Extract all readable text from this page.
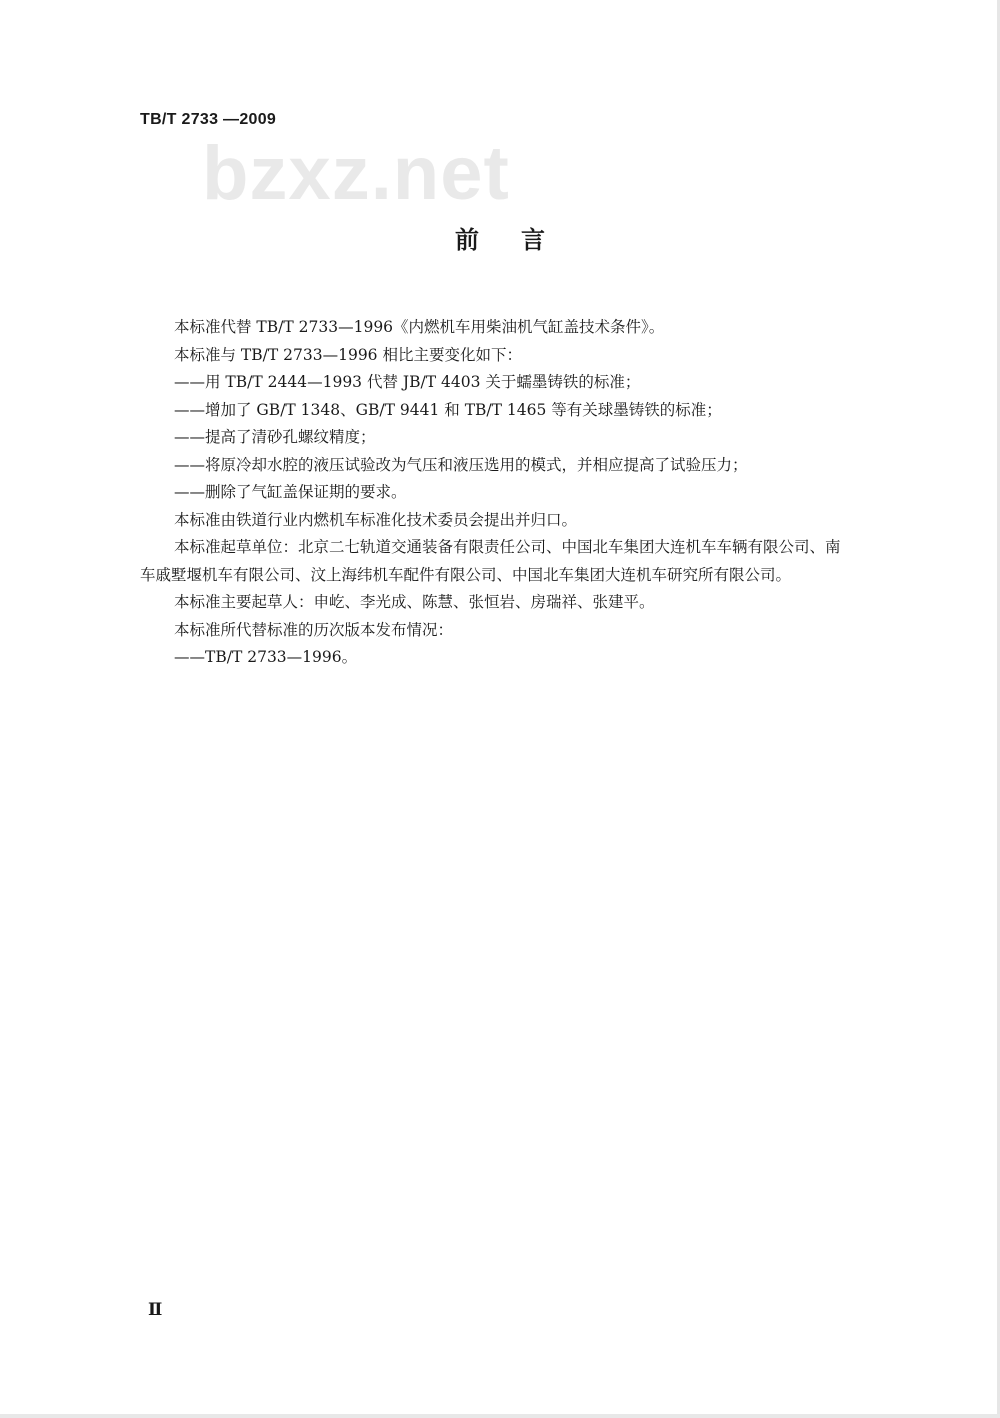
TB/T 2733 —2009
bzxz.net
前言
本标准代替 TB/T 2733—1996《内燃机车用柴油机气缸盖技术条件》。
本标准与 TB/T 2733—1996 相比主要变化如下：
——用 TB/T 2444—1993 代替 JB/T 4403 关于蠕墨铸铁的标准；
——增加了 GB/T 1348、GB/T 9441 和 TB/T 1465 等有关球墨铸铁的标准；
——提高了清砂孔螺纹精度；
——将原冷却水腔的液压试验改为气压和液压选用的模式，并相应提高了试验压力；
——删除了气缸盖保证期的要求。
本标准由铁道行业内燃机车标准化技术委员会提出并归口。
本标准起草单位：北京二七轨道交通装备有限责任公司、中国北车集团大连机车车辆有限公司、南
车戚墅堰机车有限公司、汶上海纬机车配件有限公司、中国北车集团大连机车研究所有限公司。
本标准主要起草人：申屹、李光成、陈慧、张恒岩、房瑞祥、张建平。
本标准所代替标准的历次版本发布情况：
——TB/T 2733—1996。
Ⅱ
